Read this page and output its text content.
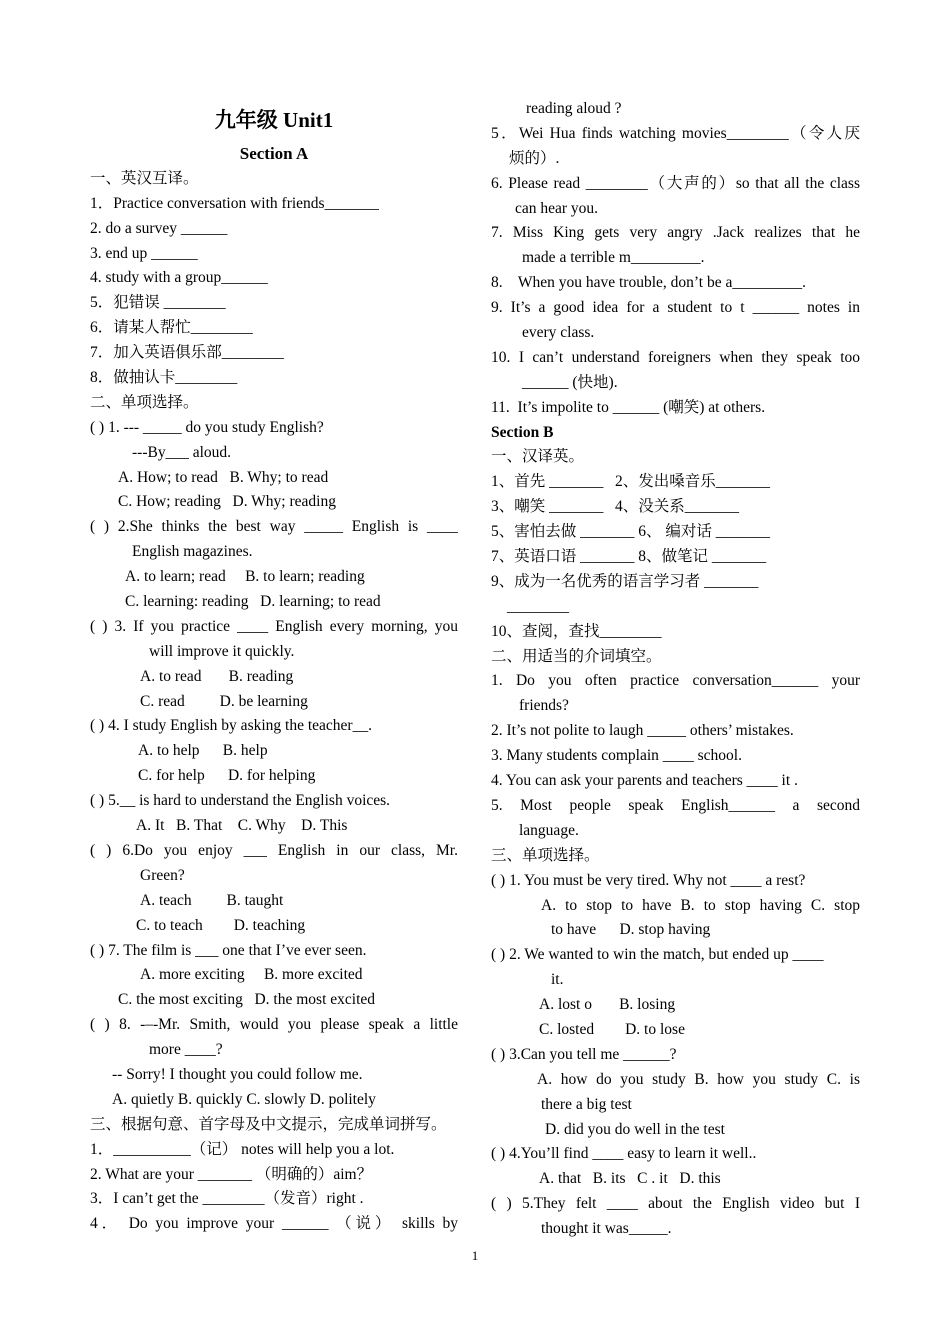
九年级 Unit1
Section A
一、英汉互译。
1．Practice conversation with friends_______
2. do a survey ______
3. end up ______
4. study with a group______
5．犯错误 ________
6．请某人帮忙________
7．加入英语俱乐部________
8．做抽认卡________
二、单项选择。
( ) 1. --- _____ do you study English?
---By___ aloud.
A. How; to read   B. Why; to read
C. How; reading   D. Why; reading
( ) 2.She thinks the best way _____ English is ____
English magazines.
A. to learn; read     B. to learn; reading
C. learning: reading   D. learning; to read
( ) 3. If you practice ____ English every morning, you
will improve it quickly.
A. to read       B. reading
C. read         D. be learning
( ) 4. I study English by asking the teacher__.
A. to help      B. help
C. for help      D. for helping
( ) 5.__ is hard to understand the English voices.
A. It   B. That    C. Why    D. This
( ) 6.Do you enjoy ___ English in our class, Mr.
Green?
A. teach         B. taught
C. to teach        D. teaching
( ) 7. The film is ___ one that I’ve ever seen.
A. more exciting     B. more excited
C. the most exciting   D. the most excited
( ) 8. -–-Mr. Smith, would you please speak a little
more ____?
-- Sorry! I thought you could follow me.
A. quietly B. quickly C. slowly D. politely
三、根据句意、首字母及中文提示，完成单词拼写。
1．__________（记） notes will help you a lot.
2. What are your _______ （明确的）aim？
3．I can’t get the ________（发音）right .
4． Do you improve your ______ （说） skills by
reading aloud ?
5．Wei Hua finds watching movies________（令人厌
烦的）.
6. Please read ________（大声的）so that all the class
can hear you.
7. Miss King gets very angry .Jack realizes that he
made a terrible m_________.
8.    When you have trouble, don’t be a_________.
9. It’s a good idea for a student to t ______ notes in
every class.
10. I can’t understand foreigners when they speak too
______ (快地).
11.  It’s impolite to ______ (嘲笑) at others.
Section B
一、汉译英。
1、首先 _______   2、发出嗓音乐_______
3、嘲笑 _______   4、没关系_______
5、害怕去做 _______ 6、 编对话 _______
7、英语口语 _______ 8、做笔记 _______
9、成为一名优秀的语言学习者 _______
________
10、查阅，查找________
二、用适当的介词填空。
1. Do you often practice conversation______ your
friends?
2. It’s not polite to laugh _____ others’ mistakes.
3. Many students complain ____ school.
4. You can ask your parents and teachers ____ it .
5. Most people speak English______ a second
language.
三、单项选择。
( ) 1. You must be very tired. Why not ____ a rest?
A. to stop to have B. to stop having C. stop
to have      D. stop having
( ) 2. We wanted to win the match, but ended up ____
it.
A. lost o       B. losing
C. losted        D. to lose
( ) 3.Can you tell me ______?
A. how do you study B. how you study C. is
there a big test
D. did you do well in the test
( ) 4.You’ll find ____ easy to learn it well..
A. that   B. its   C . it   D. this
( ) 5.They felt ____ about the English video but I
thought it was_____.
1
